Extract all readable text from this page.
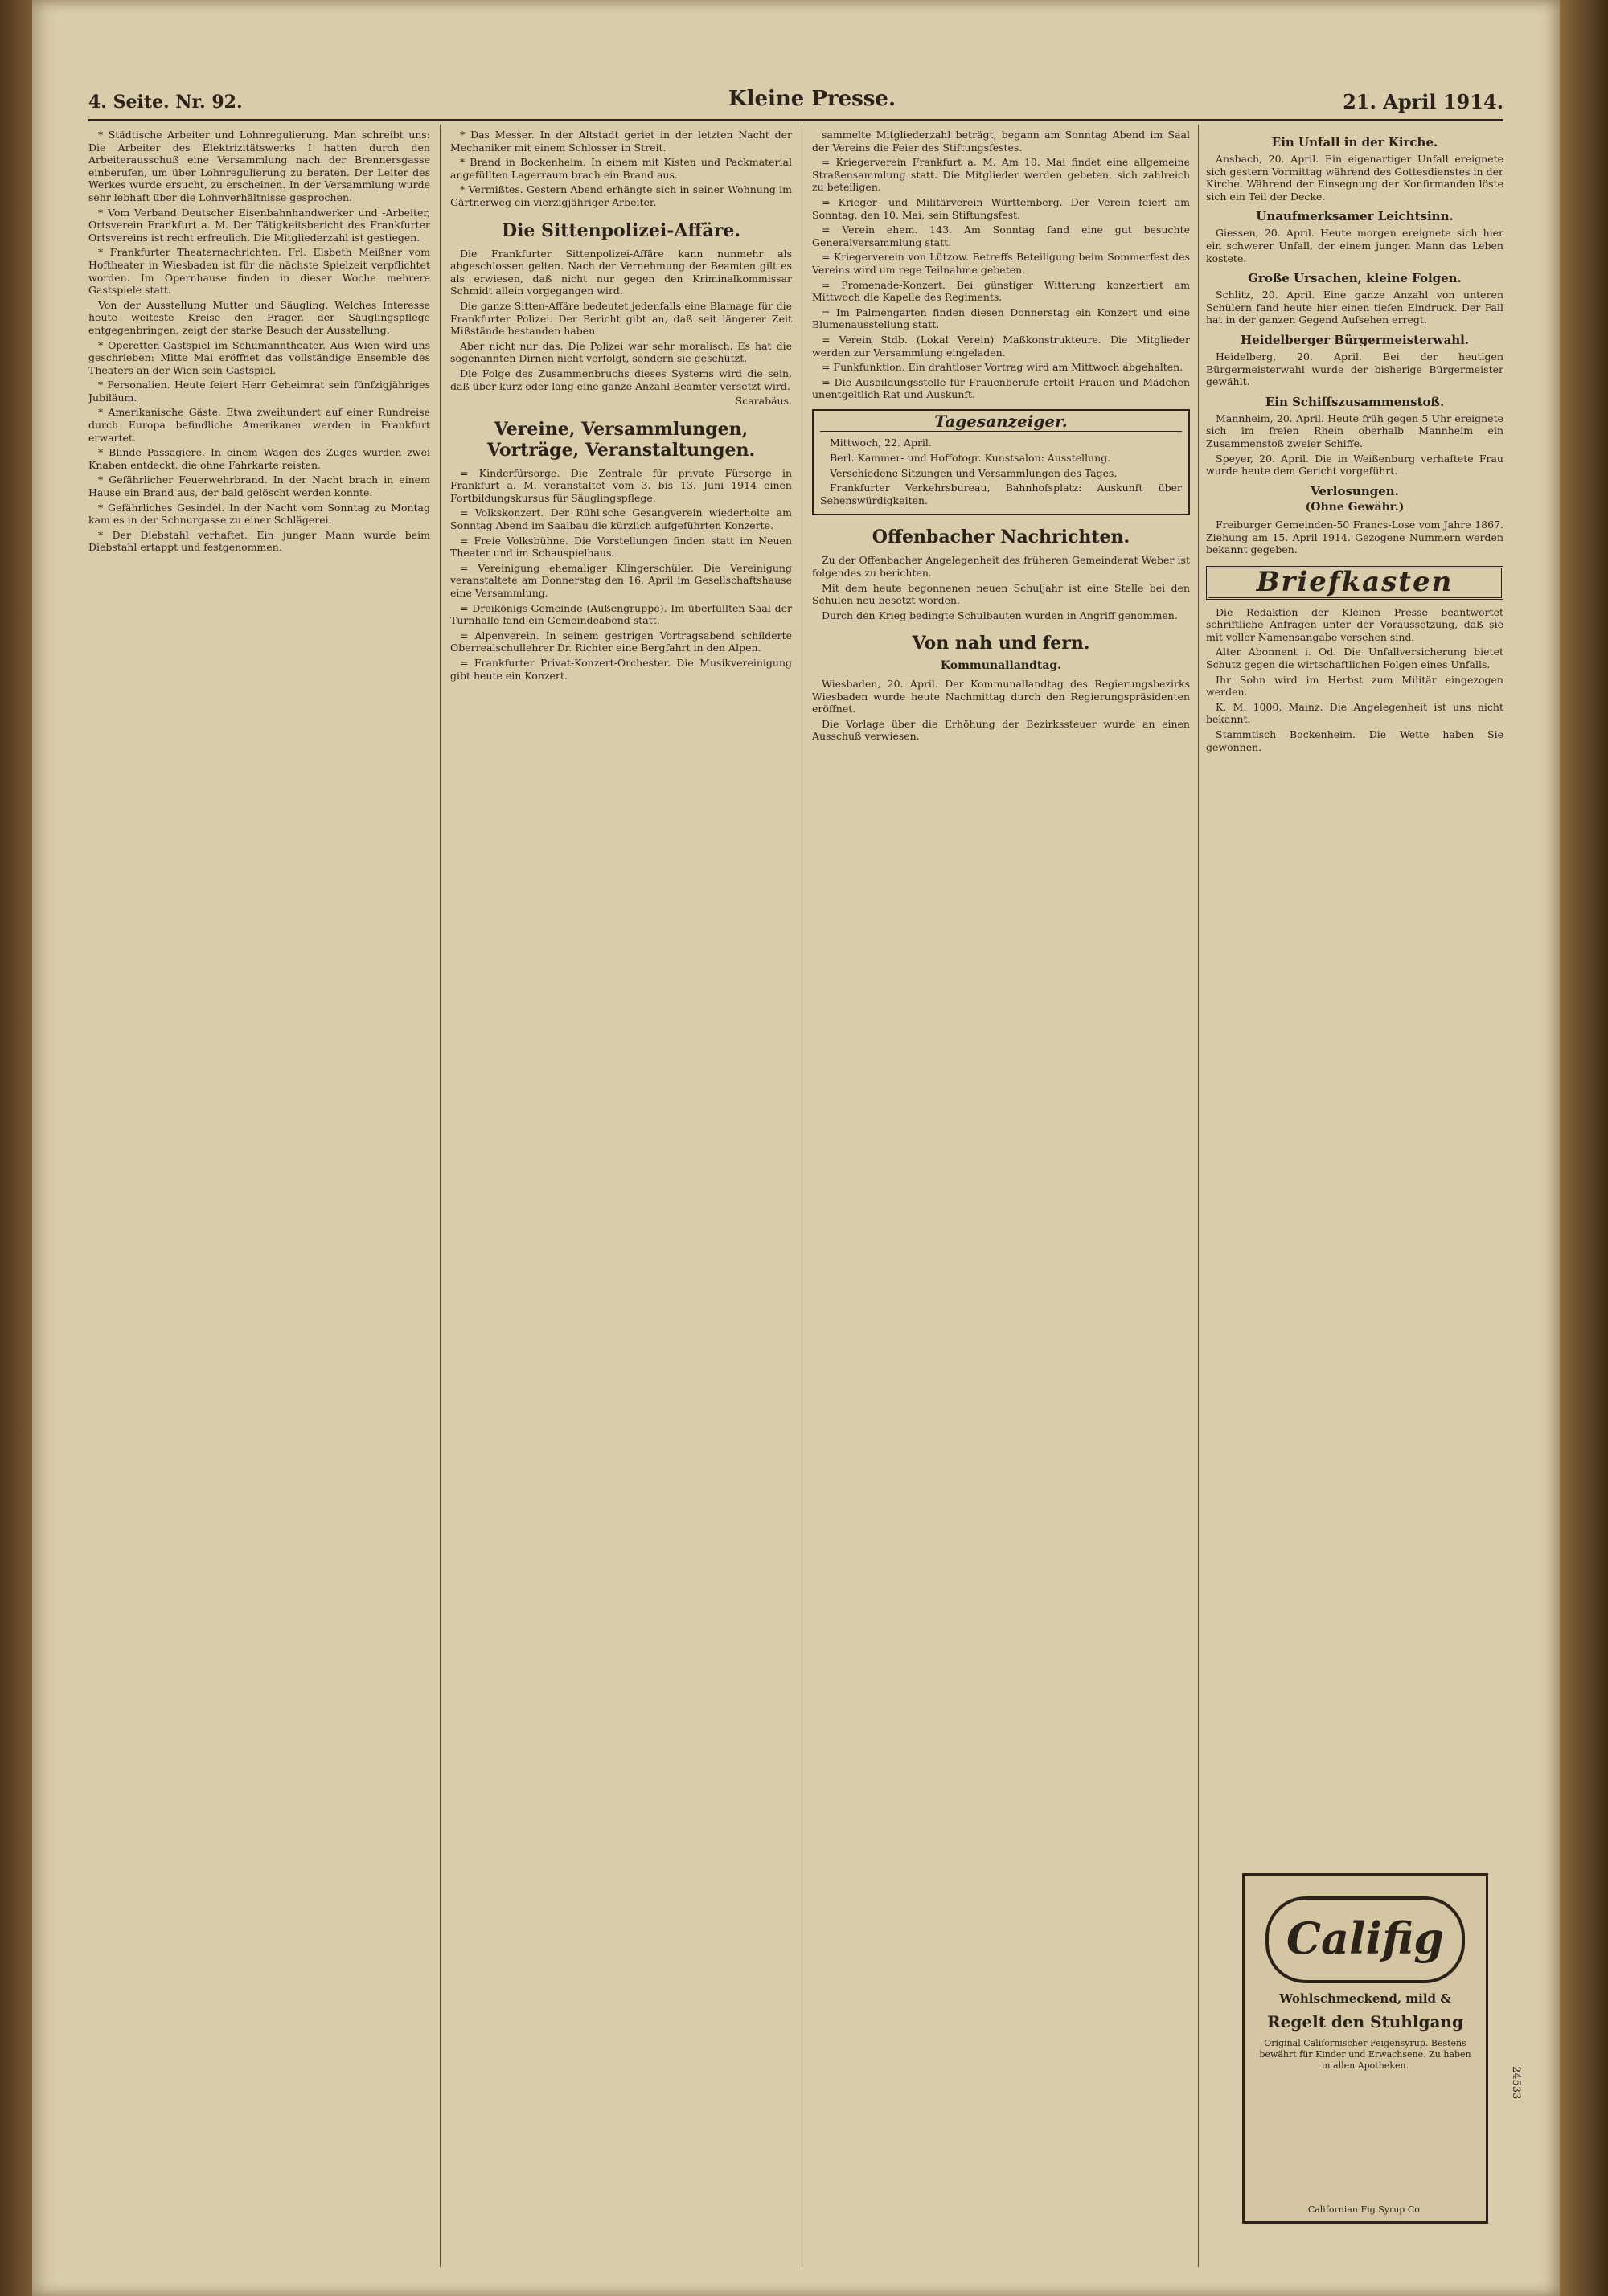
4. Seite. Nr. 92.	Kleine Presse.	21. April 1914.

* Städtische Arbeiter und Lohnregulierung. Man schreibt uns: Die Arbeiter des Elektrizitätswerks I hatten durch den Arbeiterausschuß eine Versammlung nach der Brennersgasse einberufen, um über Lohnregulierung zu beraten. Der Leiter des Werkes wurde ersucht, zu erscheinen. In der Versammlung wurde sehr lebhaft über die Lohnverhältnisse gesprochen.

* Vom Verband Deutscher Eisenbahnhandwerker und -Arbeiter, Ortsverein Frankfurt a. M. Der Tätigkeitsbericht des Frankfurter Ortsvereins ist recht erfreulich. Die Mitgliederzahl ist gestiegen.

* Frankfurter Theaternachrichten. Frl. Elsbeth Meißner vom Hoftheater in Wiesbaden ist für die nächste Spielzeit verpflichtet worden. Im Opernhause finden in dieser Woche mehrere Gastspiele statt.

Von der Ausstellung Mutter und Säugling. Welches Interesse heute weiteste Kreise den Fragen der Säuglingspflege entgegenbringen, zeigt der starke Besuch der Ausstellung.

* Operetten-Gastspiel im Schumanntheater. Aus Wien wird uns geschrieben: Mitte Mai eröffnet das vollständige Ensemble des Theaters an der Wien sein Gastspiel.

* Personalien. Heute feiert Herr Geheimrat sein fünfzigjähriges Jubiläum.

* Amerikanische Gäste. Etwa zweihundert auf einer Rundreise durch Europa befindliche Amerikaner werden in Frankfurt erwartet.

* Blinde Passagiere. In einem Wagen des Zuges wurden zwei Knaben entdeckt, die ohne Fahrkarte reisten.

* Gefährlicher Feuerwehrbrand. In der Nacht brach in einem Hause ein Brand aus, der bald gelöscht werden konnte.

* Gefährliches Gesindel. In der Nacht vom Sonntag zu Montag kam es in der Schnurgasse zu einer Schlägerei.

* Der Diebstahl verhaftet. Ein junger Mann wurde beim Diebstahl ertappt und festgenommen.

* Das Messer. In der Altstadt geriet in der letzten Nacht der Mechaniker mit einem Schlosser in Streit.

* Brand in Bockenheim. In einem mit Kisten und Packmaterial angefüllten Lagerraum brach ein Brand aus.

* Vermißtes. Gestern Abend erhängte sich in seiner Wohnung im Gärtnerweg ein vierzigjähriger Arbeiter.

Die Sittenpolizei-Affäre.

Die Frankfurter Sittenpolizei-Affäre kann nunmehr als abgeschlossen gelten. Nach der Vernehmung der Beamten gilt es als erwiesen, daß nicht nur gegen den Kriminalkommissar Schmidt allein vorgegangen wird.

Die ganze Sitten-Affäre bedeutet jedenfalls eine Blamage für die Frankfurter Polizei. Der Bericht gibt an, daß seit längerer Zeit Mißstände bestanden haben.

Aber nicht nur das. Die Polizei war sehr moralisch. Es hat die sogenannten Dirnen nicht verfolgt, sondern sie geschützt.

Die Folge des Zusammenbruchs dieses Systems wird die sein, daß über kurz oder lang eine ganze Anzahl Beamter versetzt wird.

Scarabäus.

Vereine, Versammlungen, Vorträge, Veranstaltungen.

= Kinderfürsorge. Die Zentrale für private Fürsorge in Frankfurt a. M. veranstaltet vom 3. bis 13. Juni 1914 einen Fortbildungskursus für Säuglingspflege.

= Volkskonzert. Der Rühl'sche Gesangverein wiederholte am Sonntag Abend im Saalbau die kürzlich aufgeführten Konzerte.

= Freie Volksbühne. Die Vorstellungen finden statt im Neuen Theater und im Schauspielhaus.

= Vereinigung ehemaliger Klingerschüler. Die Vereinigung veranstaltete am Donnerstag den 16. April im Gesellschaftshause eine Versammlung.

= Dreikönigs-Gemeinde (Außengruppe). Im überfüllten Saal der Turnhalle fand ein Gemeindeabend statt.

= Alpenverein. In seinem gestrigen Vortragsabend schilderte Oberrealschullehrer Dr. Richter eine Bergfahrt in den Alpen.

= Frankfurter Privat-Konzert-Orchester. Die Musikvereinigung gibt heute ein Konzert.

sammelte Mitgliederzahl beträgt, begann am Sonntag Abend im Saal der Vereins die Feier des Stiftungsfestes.

= Kriegerverein Frankfurt a. M. Am 10. Mai findet eine allgemeine Straßensammlung statt. Die Mitglieder werden gebeten, sich zahlreich zu beteiligen.

= Krieger- und Militärverein Württemberg. Der Verein feiert am Sonntag, den 10. Mai, sein Stiftungsfest.

= Verein ehem. 143. Am Sonntag fand eine gut besuchte Generalversammlung statt.

= Kriegerverein von Lützow. Betreffs Beteiligung beim Sommerfest des Vereins wird um rege Teilnahme gebeten.

= Promenade-Konzert. Bei günstiger Witterung konzertiert am Mittwoch die Kapelle des Regiments.

= Im Palmengarten finden diesen Donnerstag ein Konzert und eine Blumenausstellung statt.

= Verein Stdb. (Lokal Verein) Maßkonstrukteure. Die Mitglieder werden zur Versammlung eingeladen.

= Funkfunktion. Ein drahtloser Vortrag wird am Mittwoch abgehalten.

= Die Ausbildungsstelle für Frauenberufe erteilt Frauen und Mädchen unentgeltlich Rat und Auskunft.

Tagesanzeiger.

Mittwoch, 22. April.

Berl. Kammer- und Hoffotogr. Kunstsalon: Ausstellung.

Verschiedene Sitzungen und Versammlungen des Tages.

Frankfurter Verkehrsbureau, Bahnhofsplatz: Auskunft über Sehenswürdigkeiten.

Offenbacher Nachrichten.

Zu der Offenbacher Angelegenheit des früheren Gemeinderat Weber ist folgendes zu berichten.

Mit dem heute begonnenen neuen Schuljahr ist eine Stelle bei den Schulen neu besetzt worden.

Durch den Krieg bedingte Schulbauten wurden in Angriff genommen.

Von nah und fern.
Kommunallandtag.

Wiesbaden, 20. April. Der Kommunallandtag des Regierungsbezirks Wiesbaden wurde heute Nachmittag durch den Regierungspräsidenten eröffnet.

Die Vorlage über die Erhöhung der Bezirkssteuer wurde an einen Ausschuß verwiesen.

Ein Unfall in der Kirche.

Ansbach, 20. April. Ein eigenartiger Unfall ereignete sich gestern Vormittag während des Gottesdienstes in der Kirche. Während der Einsegnung der Konfirmanden löste sich ein Teil der Decke.

Unaufmerksamer Leichtsinn.

Giessen, 20. April. Heute morgen ereignete sich hier ein schwerer Unfall, der einem jungen Mann das Leben kostete.

Große Ursachen, kleine Folgen.

Schlitz, 20. April. Eine ganze Anzahl von unteren Schülern fand heute hier einen tiefen Eindruck. Der Fall hat in der ganzen Gegend Aufsehen erregt.

Heidelberger Bürgermeisterwahl.

Heidelberg, 20. April. Bei der heutigen Bürgermeisterwahl wurde der bisherige Bürgermeister gewählt.

Ein Schiffszusammenstoß.

Mannheim, 20. April. Heute früh gegen 5 Uhr ereignete sich im freien Rhein oberhalb Mannheim ein Zusammenstoß zweier Schiffe.

Speyer, 20. April. Die in Weißenburg verhaftete Frau wurde heute dem Gericht vorgeführt.

Verlosungen.
(Ohne Gewähr.)

Freiburger Gemeinden-50 Francs-Lose vom Jahre 1867. Ziehung am 15. April 1914. Gezogene Nummern werden bekannt gegeben.

Briefkasten

Die Redaktion der Kleinen Presse beantwortet schriftliche Anfragen unter der Voraussetzung, daß sie mit voller Namensangabe versehen sind.

Alter Abonnent i. Od. Die Unfallversicherung bietet Schutz gegen die wirtschaftlichen Folgen eines Unfalls.

Ihr Sohn wird im Herbst zum Militär eingezogen werden.

K. M. 1000, Mainz. Die Angelegenheit ist uns nicht bekannt.

Stammtisch Bockenheim. Die Wette haben Sie gewonnen.

Califig
Wohlschmeckend, mild &
Regelt den Stuhlgang
Original Californischer Feigensyrup. Bestens bewährt für Kinder und Erwachsene. Zu haben in allen Apotheken.
Californian Fig Syrup Co.
24533
